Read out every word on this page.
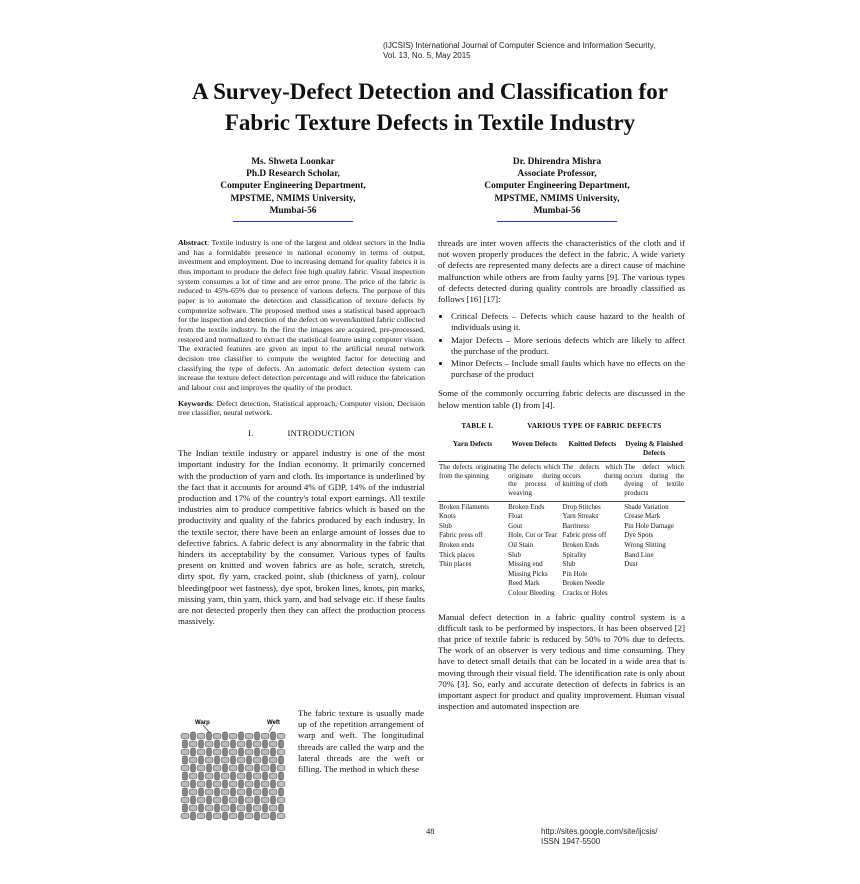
(IJCSIS) International Journal of Computer Science and Information Security,
Vol. 13, No. 5, May 2015
A Survey-Defect Detection and Classification for
Fabric Texture Defects in Textile Industry
Ms. Shweta Loonkar
Ph.D Research Scholar,
Computer Engineering Department,
MPSTME, NMIMS University,
Mumbai-56
Dr. Dhirendra Mishra
Associate Professor,
Computer Engineering Department,
MPSTME, NMIMS University,
Mumbai-56

Abstract: Textile industry is one of the largest and oldest sectors in the India and has a formidable presence in national economy in terms of output, investment and employment. Due to increasing demand for quality fabrics it is thus important to produce the defect free high quality fabric. Visual inspection system consumes a lot of time and are error prone. The price of the fabric is reduced to 45%-65% due to presence of various defects. The purpose of this paper is to automate the detection and classification of texture defects by computerize software. The proposed method uses a statistical based approach for the inspection and detection of the defect on woven/knitted fabric collected from the textile industry. In the first the images are acquired, pre-processed, restored and normalized to extract the statistical feature using computer vision. The extracted features are given an input to the artificial neural network decision tree classifier to compute the weighted factor for detecting and classifying the type of defects. An automatic defect detection system can increase the texture defect detection percentage and will reduce the fabrication and labour cost and improves the quality of the product.

Keywords: Defect detection, Statistical approach, Computer vision, Decision tree classifier, neural network.

I.	INTRODUCTION

The Indian textile industry or apparel industry is one of the most important industry for the Indian economy. It primarily concerned with the production of yarn and cloth. Its importance is underlined by the fact that it accounts for around 4% of GDP, 14% of the industrial production and 17% of the country's total export earnings. All textile industries aim to produce competitive fabrics which is based on the productivity and quality of the fabrics produced by each industry. In the textile sector, there have been an enlarge amount of losses due to defective fabrics. A fabric defect is any abnormality in the fabric that hinders its acceptability by the consumer. Various types of faults present on knitted and woven fabrics are as hole, scratch, stretch, dirty spot, fly yarn, cracked point, slub (thickness of yarn), colour bleeding(poor wet fastness), dye spot, broken lines, knots, pin marks, missing yarn, thin yarn, thick yarn, and bad selvage etc. if these faults are not detected properly then they can affect the production process massively.

Warp	Weft
The fabric texture is usually made up of the repetition arrangement of warp and weft. The longitudinal threads are called the warp and the lateral threads are the weft or filling. The method in which these

threads are inter woven affects the characteristics of the cloth and if not woven properly produces the defect in the fabric. A wide variety of defects are represented many defects are a direct cause of machine malfunction while others are from faulty yarns [9]. The various types of defects detected during quality controls are broadly classified as follows [16] [17]:

• Critical Defects – Defects which cause hazard to the health of individuals using it.
• Major Defects – More serious defects which are likely to affect the purchase of the product.
• Minor Defects – Include small faults which have no effects on the purchase of the product

Some of the commonly occurring fabric defects are discussed in the below mention table (I) from [4].

TABLE I.	VARIOUS TYPE OF FABRIC DEFECTS
Yarn Defects	Woven Defects	Knitted Defects	Dyeing & Finished Defects
The defects originating from the spinning	The defects which originate during the process of weaving	The defects which occurs during knitting of cloth	The defect which occurs during the dyeing of textile products
Broken Filaments	Broken Ends	Drop Stitches	Shade Variation
Knots	Float	Yarn Streaks	Crease Mark
Slub	Gout	Barriness	Pin Hole Damage
Fabric press off	Hole, Cut or Tear	Fabric press off	Dye Spots
Broken ends	Oil Stain	Broken Ends	Wrong Slitting
Thick places	Slub	Spirality	Band Line
Thin places	Missing end	Slub	Dust
	Missing Picks	Pin Hole	
	Reed Mark	Broken Needle	
	Colour Bleeding	Cracks or Holes	

Manual defect detection in a fabric quality control system is a difficult task to be performed by inspectors. It has been observed [2] that price of textile fabric is reduced by 50% to 70% due to defects. The work of an observer is very tedious and time consuming. They have to detect small details that can be located in a wide area that is moving through their visual field. The identification rate is only about 70% [3]. So, early and accurate detection of defects in fabrics is an important aspect for product and quality improvement. Human visual inspection and automated inspection are

48	http://sites.google.com/site/ijcsis/
ISSN 1947-5500
